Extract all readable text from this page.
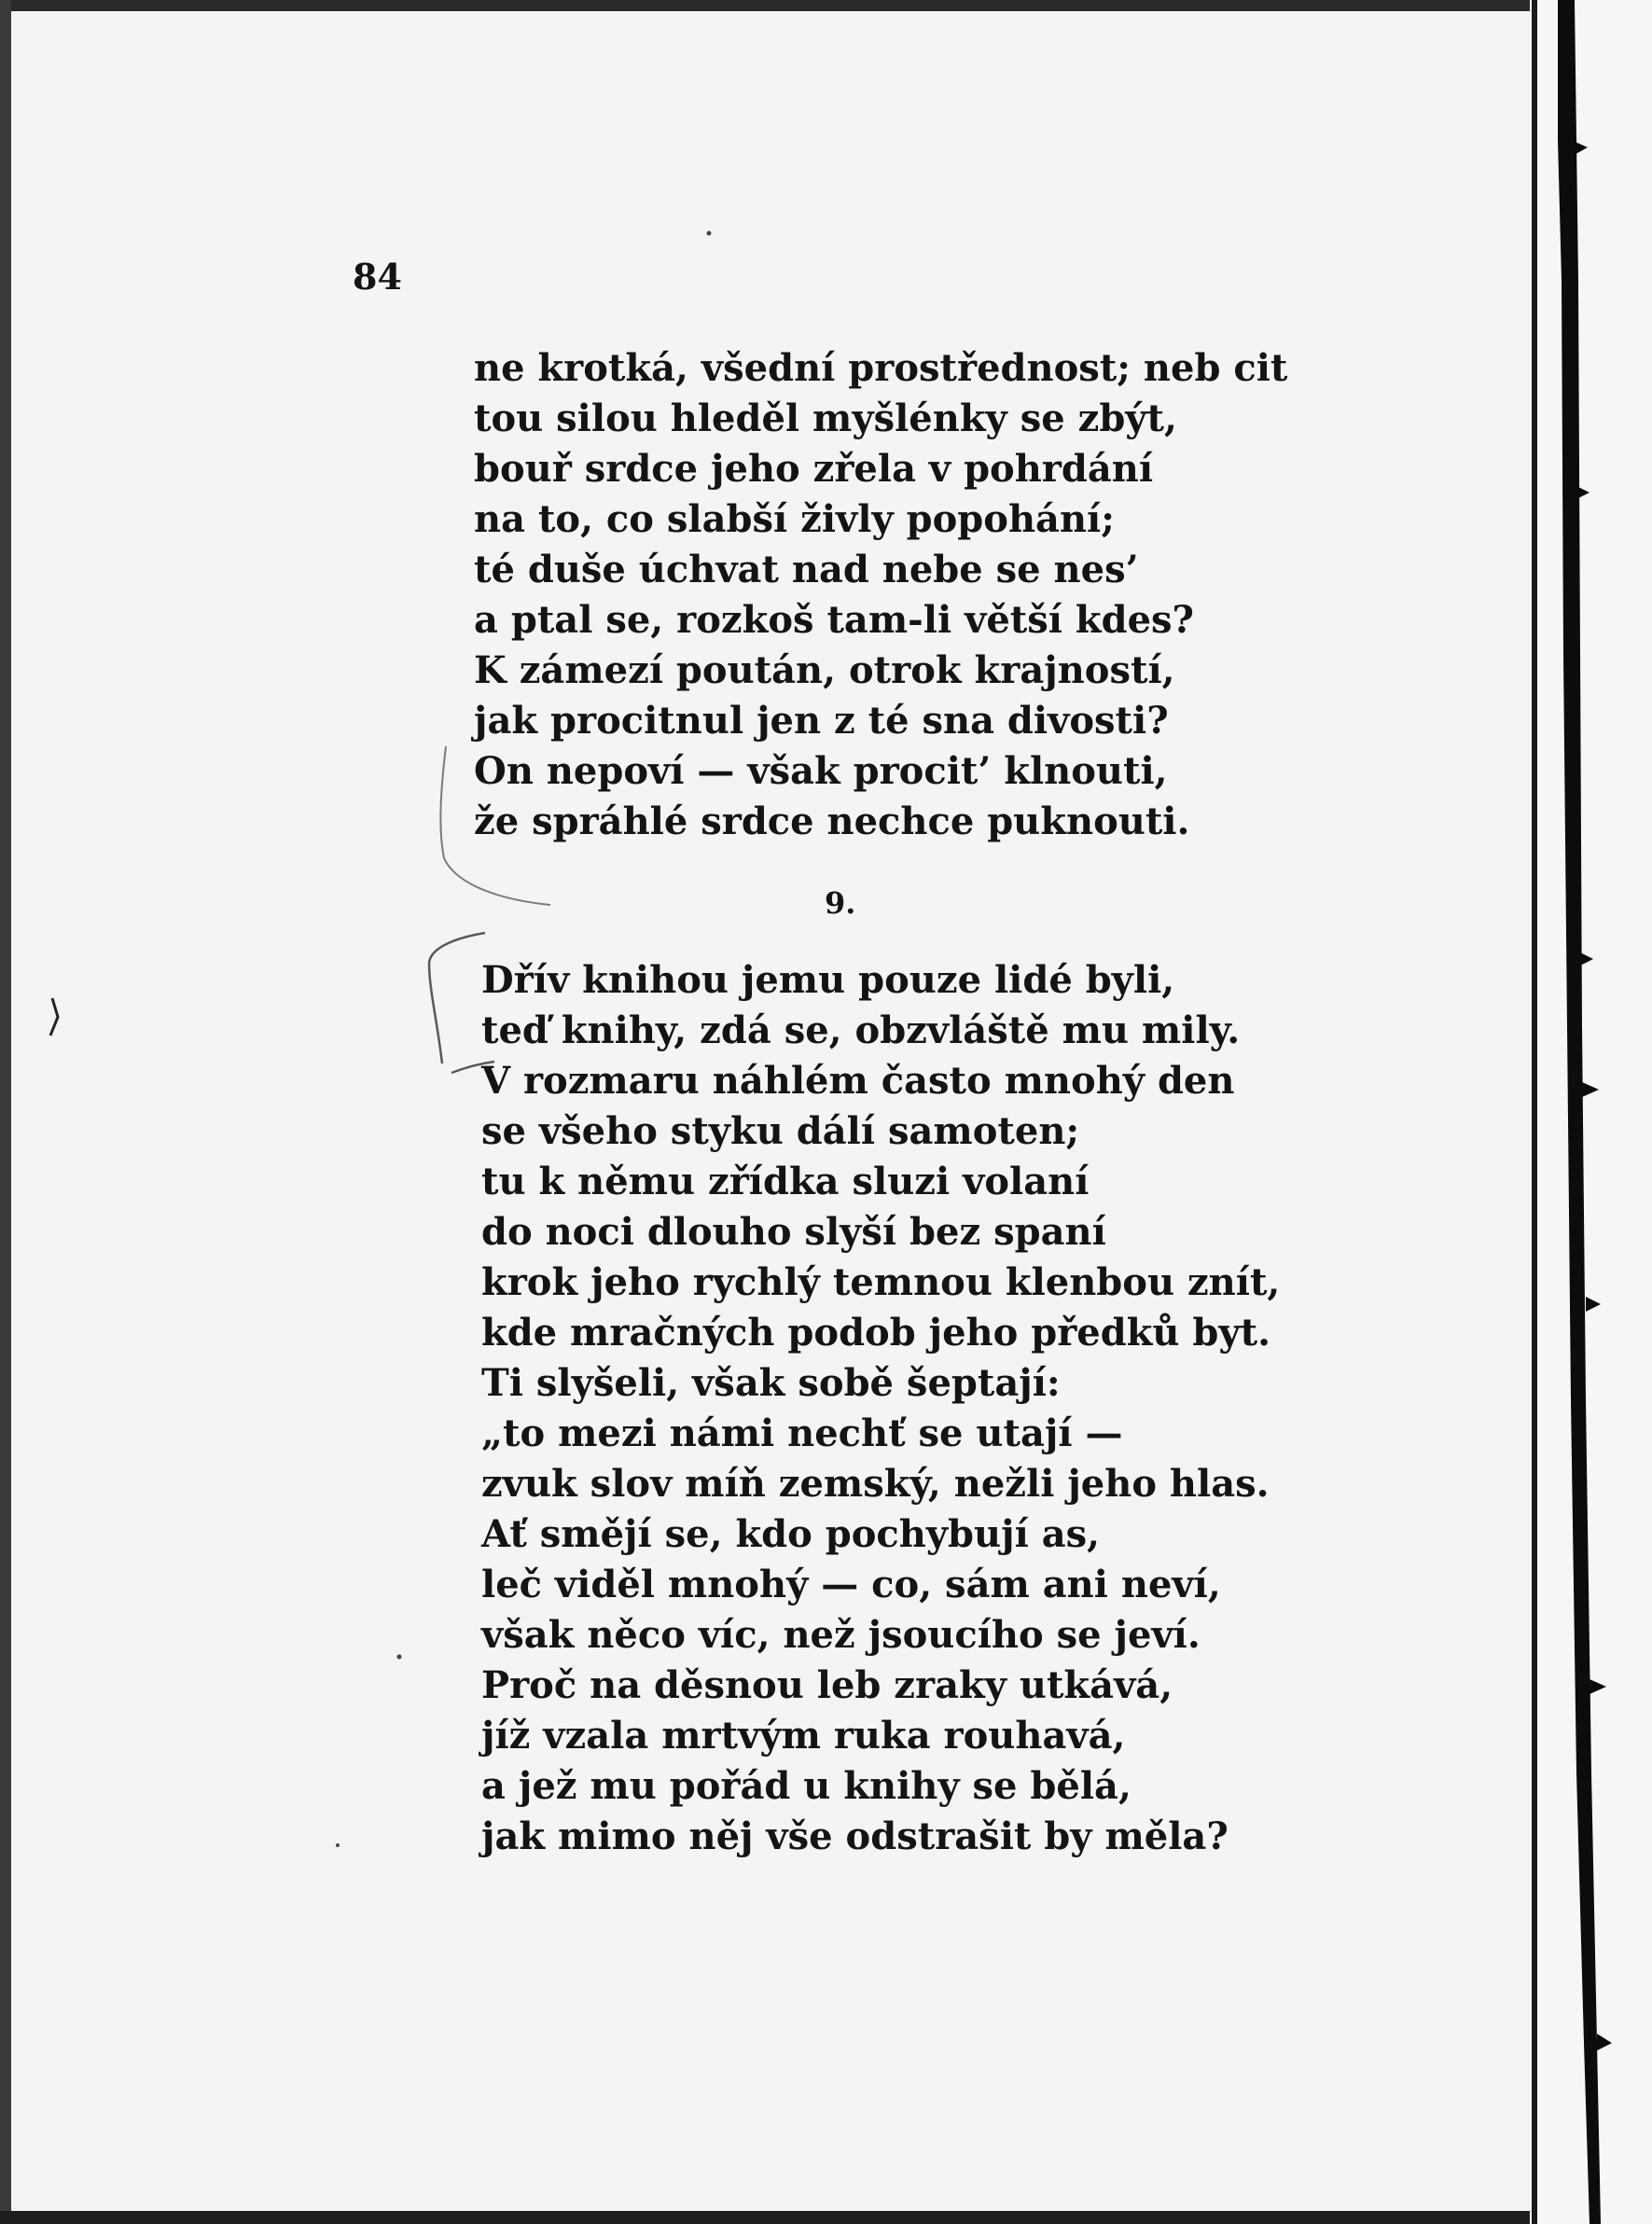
84
ne krotká, všední prostřednost; neb cit
tou silou hleděl myšlénky se zbýt,
bouř srdce jeho zřela v pohrdání
na to, co slabší živly popohání;
té duše úchvat nad nebe se nes’
a ptal se, rozkoš tam-li větší kdes?
K zámezí poután, otrok krajností,
jak procitnul jen z té sna divosti?
On nepoví — však procit’ klnouti,
že spráhlé srdce nechce puknouti.
9.
Dřív knihou jemu pouze lidé byli,
teď knihy, zdá se, obzvláště mu mily.
V rozmaru náhlém často mnohý den
se všeho styku dálí samoten;
tu k němu zřídka sluzi volaní
do noci dlouho slyší bez spaní
krok jeho rychlý temnou klenbou znít,
kde mračných podob jeho předků byt.
Ti slyšeli, však sobě šeptají:
„to mezi námi nechť se utají —
zvuk slov míň zemský, nežli jeho hlas.
Ať smějí se, kdo pochybují as,
leč viděl mnohý — co, sám ani neví,
však něco víc, než jsoucího se jeví.
Proč na děsnou leb zraky utkává,
jíž vzala mrtvým ruka rouhavá,
a jež mu pořád u knihy se bělá,
jak mimo něj vše odstrašit by měla?
